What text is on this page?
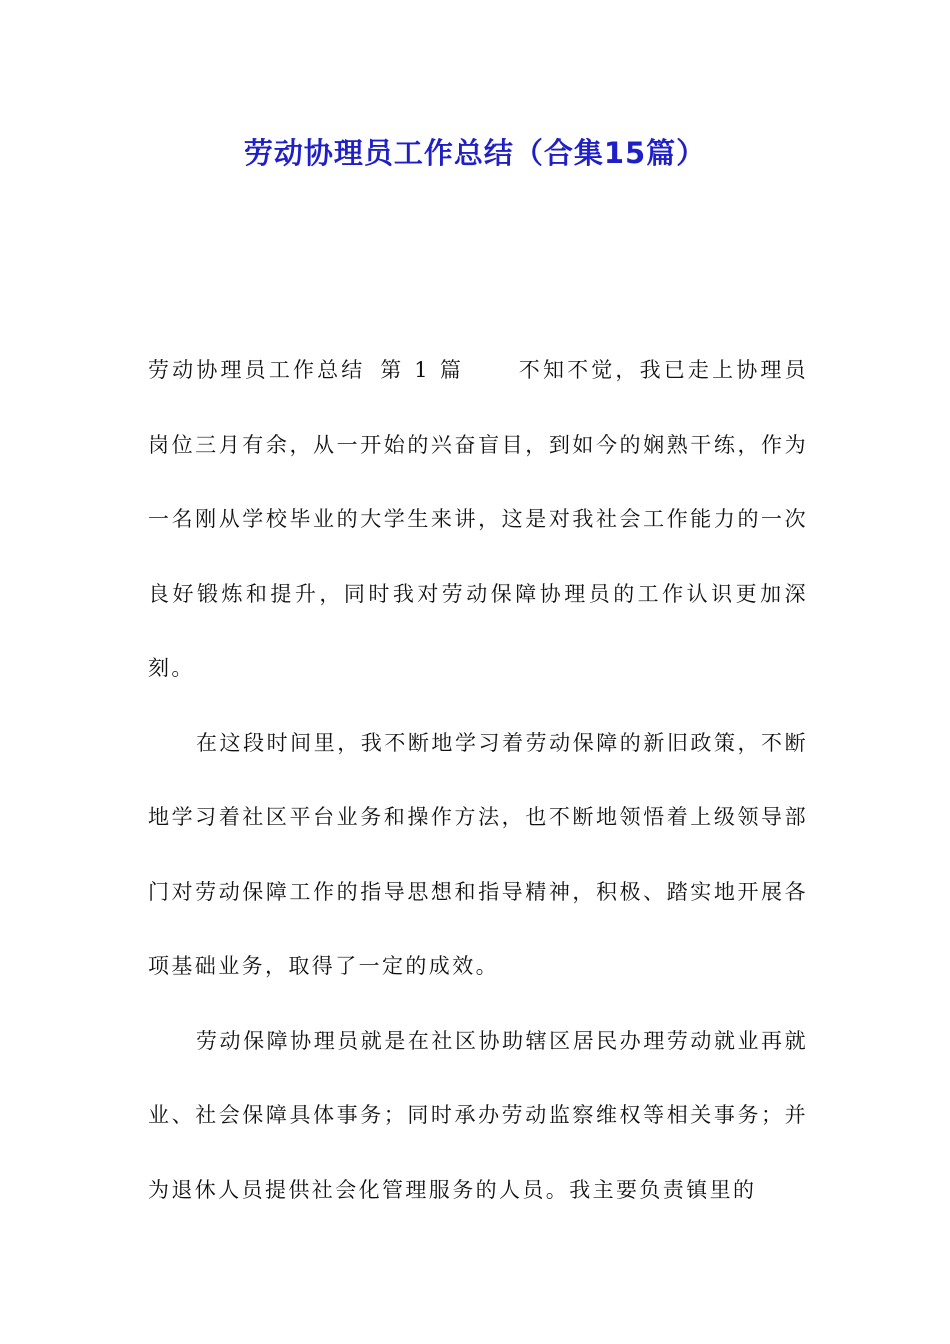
劳动协理员工作总结（合集15篇）

劳动协理员工作总结 第 1 篇	不知不觉，我已走上协理员岗位三月有余，从一开始的兴奋盲目，到如今的娴熟干练，作为一名刚从学校毕业的大学生来讲，这是对我社会工作能力的一次良好锻炼和提升，同时我对劳动保障协理员的工作认识更加深刻。

在这段时间里，我不断地学习着劳动保障的新旧政策，不断地学习着社区平台业务和操作方法，也不断地领悟着上级领导部门对劳动保障工作的指导思想和指导精神，积极、踏实地开展各项基础业务，取得了一定的成效。

劳动保障协理员就是在社区协助辖区居民办理劳动就业再就业、社会保障具体事务；同时承办劳动监察维权等相关事务；并为退休人员提供社会化管理服务的人员。我主要负责镇里的
